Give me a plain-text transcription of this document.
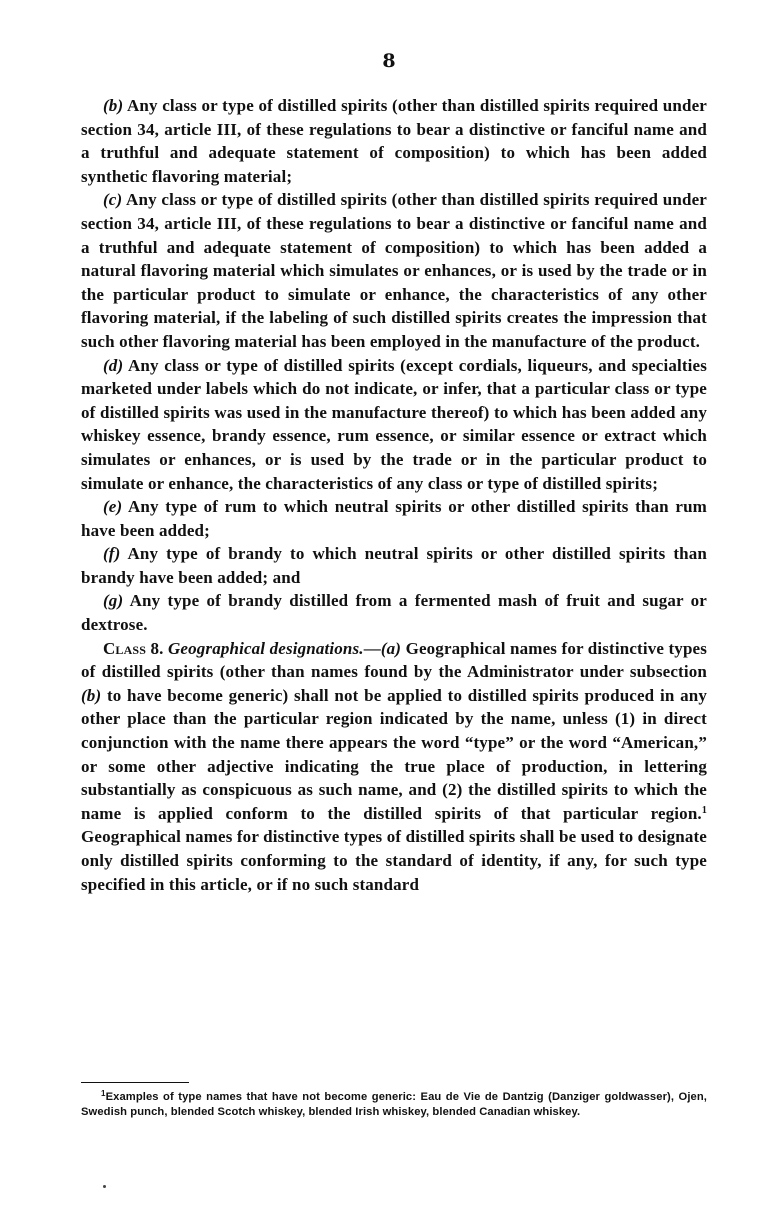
8

(b) Any class or type of distilled spirits (other than distilled spirits required under section 34, article III, of these regulations to bear a distinctive or fanciful name and a truthful and adequate statement of composition) to which has been added synthetic flavoring material;

(c) Any class or type of distilled spirits (other than distilled spirits required under section 34, article III, of these regulations to bear a distinctive or fanciful name and a truthful and adequate statement of composition) to which has been added a natural flavoring material which simulates or enhances, or is used by the trade or in the particular product to simulate or enhance, the characteristics of any other flavoring material, if the labeling of such distilled spirits creates the impression that such other flavoring material has been employed in the manufacture of the product.

(d) Any class or type of distilled spirits (except cordials, liqueurs, and specialties marketed under labels which do not indicate, or infer, that a particular class or type of distilled spirits was used in the manufacture thereof) to which has been added any whiskey essence, brandy essence, rum essence, or similar essence or extract which simulates or enhances, or is used by the trade or in the particular product to simulate or enhance, the characteristics of any class or type of distilled spirits;

(e) Any type of rum to which neutral spirits or other distilled spirits than rum have been added;

(f) Any type of brandy to which neutral spirits or other distilled spirits than brandy have been added; and

(g) Any type of brandy distilled from a fermented mash of fruit and sugar or dextrose.

Class 8. Geographical designations.—(a) Geographical names for distinctive types of distilled spirits (other than names found by the Administrator under subsection (b) to have become generic) shall not be applied to distilled spirits produced in any other place than the particular region indicated by the name, unless (1) in direct conjunction with the name there appears the word “type” or the word “American,” or some other adjective indicating the true place of production, in lettering substantially as conspicuous as such name, and (2) the distilled spirits to which the name is applied conform to the distilled spirits of that particular region.$^1$ Geographical names for distinctive types of distilled spirits shall be used to designate only distilled spirits conforming to the standard of identity, if any, for such type specified in this article, or if no such standard

$^1$Examples of type names that have not become generic: Eau de Vie de Dantzig (Danziger goldwasser), Ojen, Swedish punch, blended Scotch whiskey, blended Irish whiskey, blended Canadian whiskey.
